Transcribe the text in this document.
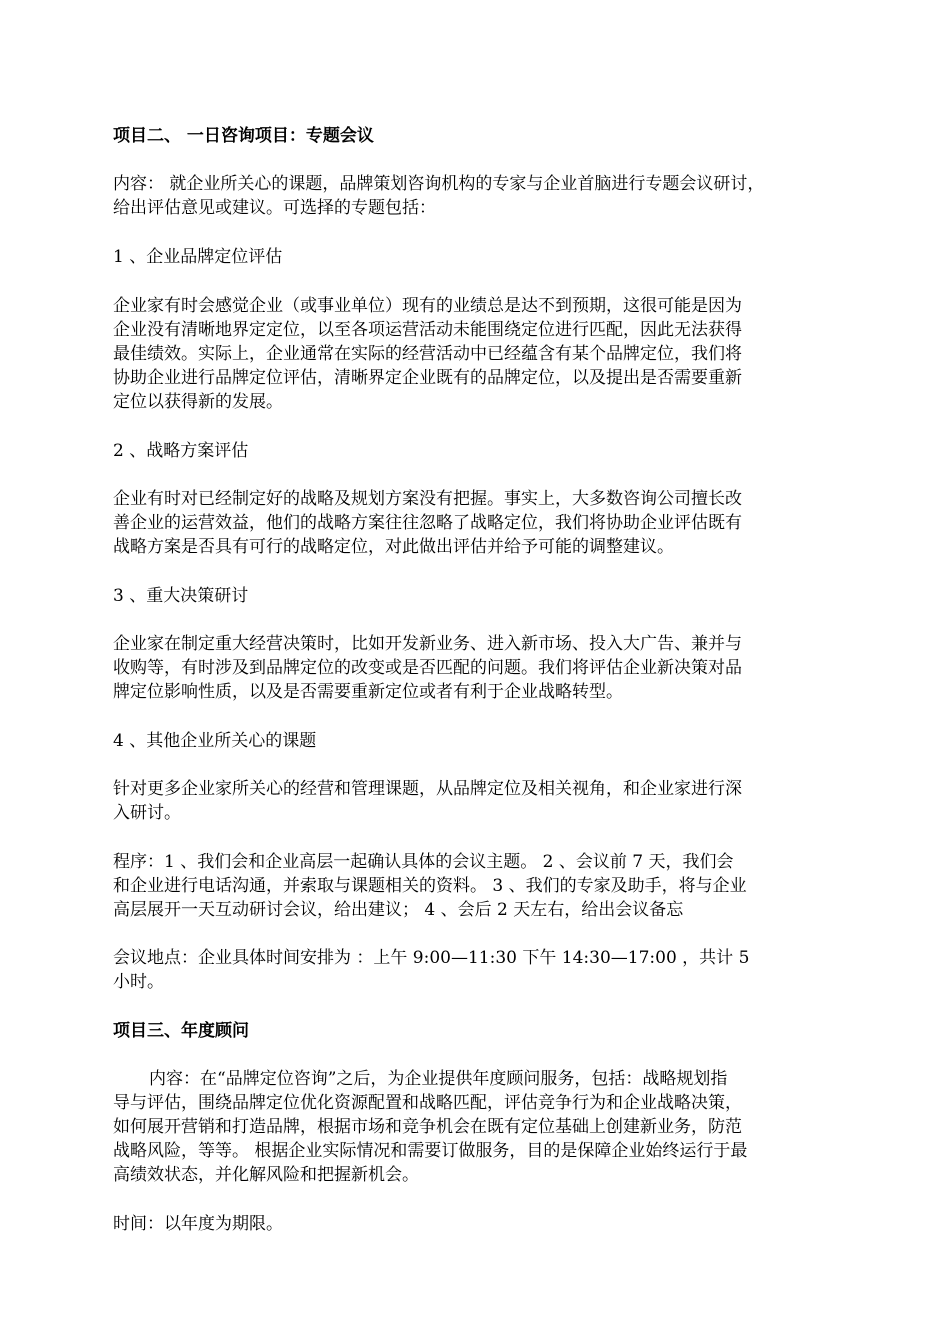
项目二、 一日咨询项目：专题会议

内容： 就企业所关心的课题，品牌策划咨询机构的专家与企业首脑进行专题会议研讨，
给出评估意见或建议。可选择的专题包括：

1 、企业品牌定位评估

企业家有时会感觉企业（或事业单位）现有的业绩总是达不到预期，这很可能是因为
企业没有清晰地界定定位，以至各项运营活动未能围绕定位进行匹配，因此无法获得
最佳绩效。实际上，企业通常在实际的经营活动中已经蕴含有某个品牌定位，我们将
协助企业进行品牌定位评估，清晰界定企业既有的品牌定位，以及提出是否需要重新
定位以获得新的发展。

2 、战略方案评估

企业有时对已经制定好的战略及规划方案没有把握。事实上，大多数咨询公司擅长改
善企业的运营效益，他们的战略方案往往忽略了战略定位，我们将协助企业评估既有
战略方案是否具有可行的战略定位，对此做出评估并给予可能的调整建议。

3 、重大决策研讨

企业家在制定重大经营决策时，比如开发新业务、进入新市场、投入大广告、兼并与
收购等，有时涉及到品牌定位的改变或是否匹配的问题。我们将评估企业新决策对品
牌定位影响性质，以及是否需要重新定位或者有利于企业战略转型。

4 、其他企业所关心的课题

针对更多企业家所关心的经营和管理课题，从品牌定位及相关视角，和企业家进行深
入研讨。

程序：1 、我们会和企业高层一起确认具体的会议主题。 2 、会议前 7 天，我们会
和企业进行电话沟通，并索取与课题相关的资料。 3 、我们的专家及助手，将与企业
高层展开一天互动研讨会议，给出建议； 4 、会后 2 天左右，给出会议备忘

会议地点：企业具体时间安排为 ：上午 9:00—11:30 下午 14:30—17:00 ，共计 5
小时。

项目三、年度顾问

内容：在“品牌定位咨询”之后，为企业提供年度顾问服务，包括：战略规划指
导与评估，围绕品牌定位优化资源配置和战略匹配，评估竞争行为和企业战略决策，
如何展开营销和打造品牌，根据市场和竞争机会在既有定位基础上创建新业务，防范
战略风险，等等。 根据企业实际情况和需要订做服务，目的是保障企业始终运行于最
高绩效状态，并化解风险和把握新机会。

时间：以年度为期限。
